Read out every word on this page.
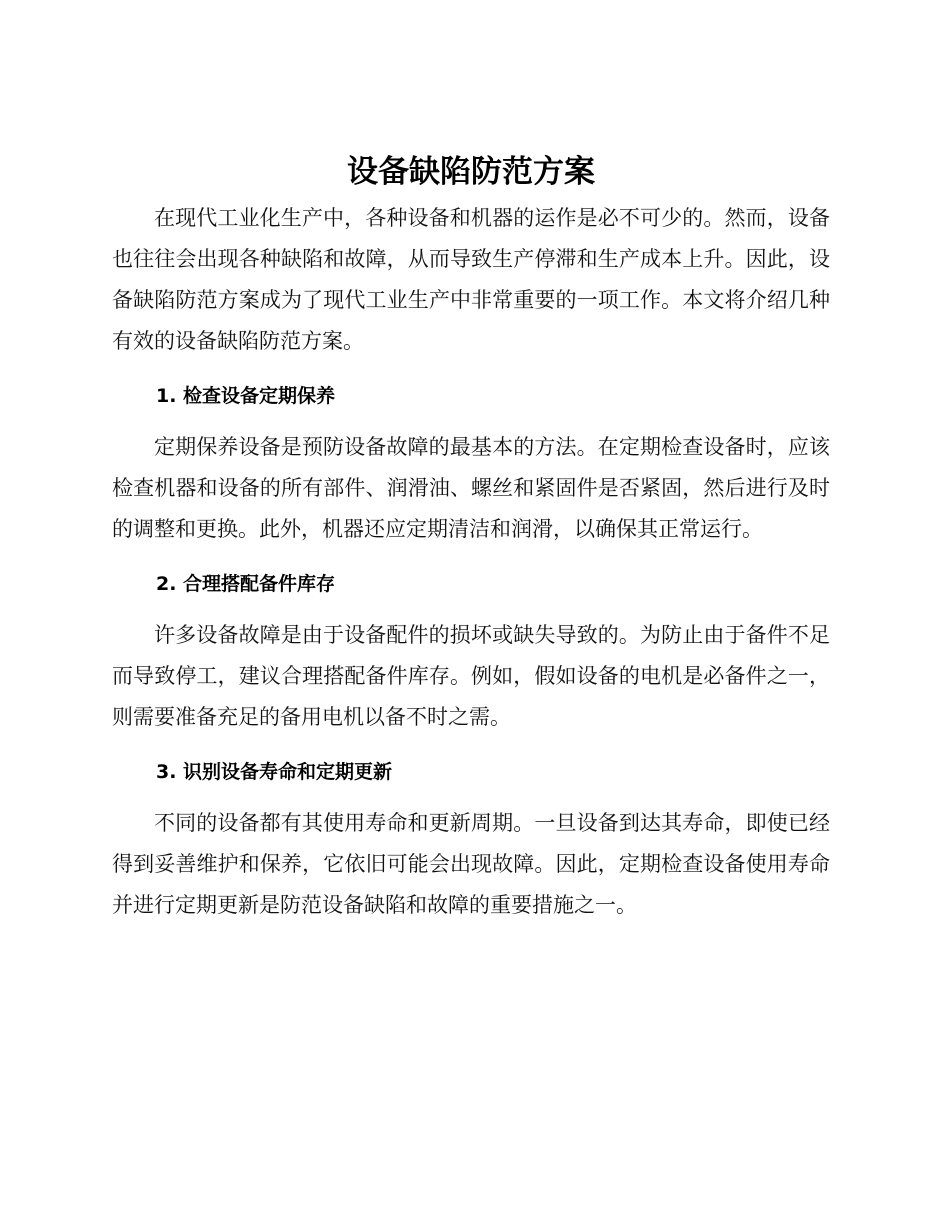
设备缺陷防范方案

在现代工业化生产中，各种设备和机器的运作是必不可少的。然而，设备也往往会出现各种缺陷和故障，从而导致生产停滞和生产成本上升。因此，设备缺陷防范方案成为了现代工业生产中非常重要的一项工作。本文将介绍几种有效的设备缺陷防范方案。

1. 检查设备定期保养

定期保养设备是预防设备故障的最基本的方法。在定期检查设备时，应该检查机器和设备的所有部件、润滑油、螺丝和紧固件是否紧固，然后进行及时的调整和更换。此外，机器还应定期清洁和润滑，以确保其正常运行。

2. 合理搭配备件库存

许多设备故障是由于设备配件的损坏或缺失导致的。为防止由于备件不足而导致停工，建议合理搭配备件库存。例如，假如设备的电机是必备件之一，则需要准备充足的备用电机以备不时之需。

3. 识别设备寿命和定期更新

不同的设备都有其使用寿命和更新周期。一旦设备到达其寿命，即使已经得到妥善维护和保养，它依旧可能会出现故障。因此，定期检查设备使用寿命并进行定期更新是防范设备缺陷和故障的重要措施之一。
